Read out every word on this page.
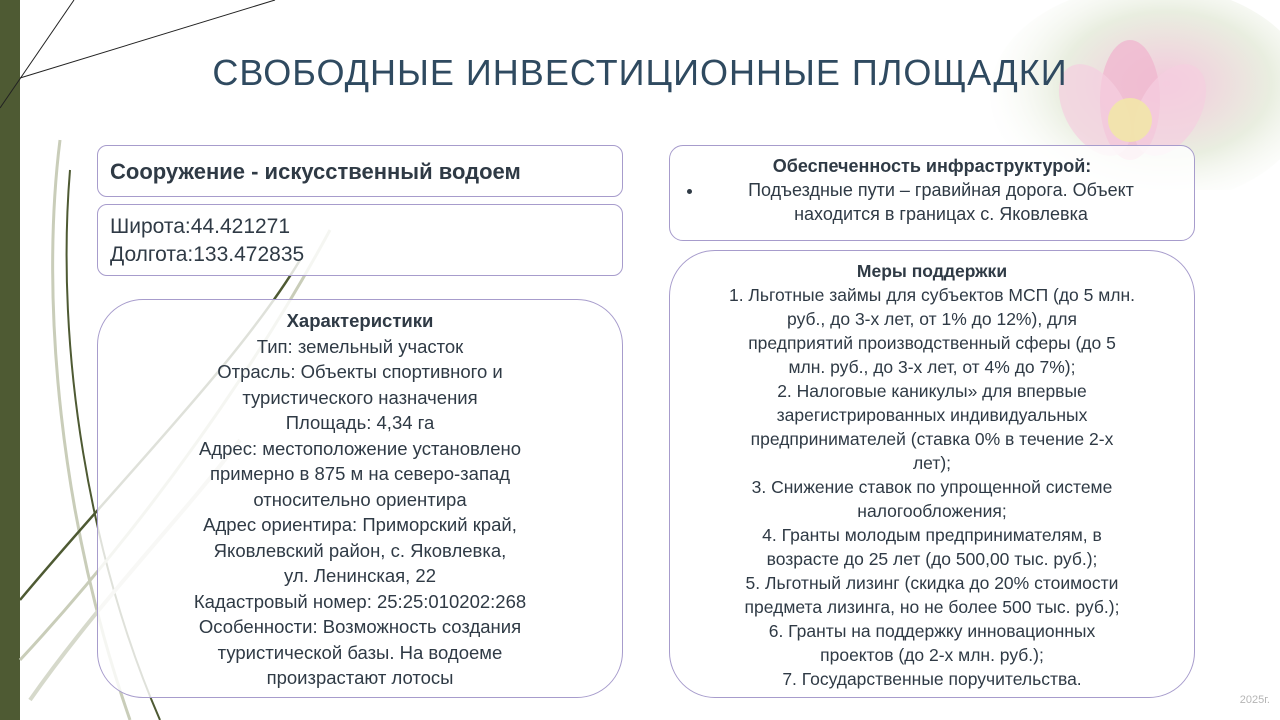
СВОБОДНЫЕ ИНВЕСТИЦИОННЫЕ ПЛОЩАДКИ
Сооружение - искусственный водоем
Широта:44.421271
Долгота:133.472835
Характеристики
Тип: земельный участок
Отрасль: Объекты спортивного и
туристического назначения
Площадь: 4,34 га
Адрес: местоположение установлено
примерно в 875 м на северо-запад
относительно ориентира
Адрес ориентира: Приморский край,
Яковлевский район, с. Яковлевка,
ул. Ленинская, 22
Кадастровый номер: 25:25:010202:268
Особенности: Возможность создания
туристической базы. На водоеме
произрастают лотосы
Обеспеченность инфраструктурой:
• Подъездные пути – гравийная дорога. Объект находится в границах с. Яковлевка
Меры поддержки
1. Льготные займы для субъектов МСП (до 5 млн.
руб., до 3-х лет, от 1% до 12%), для
предприятий производственный сферы (до 5
млн. руб., до 3-х лет, от 4% до 7%);
2. Налоговые каникулы» для впервые
зарегистрированных индивидуальных
предпринимателей (ставка 0% в течение 2-х
лет);
3. Снижение ставок по упрощенной системе
налогообложения;
4. Гранты молодым предпринимателям, в
возрасте до 25 лет (до 500,00 тыс. руб.);
5. Льготный лизинг (скидка до 20% стоимости
предмета лизинга, но не более 500 тыс. руб.);
6. Гранты на поддержку инновационных
проектов (до 2-х млн. руб.);
7. Государственные поручительства.
2025г.
